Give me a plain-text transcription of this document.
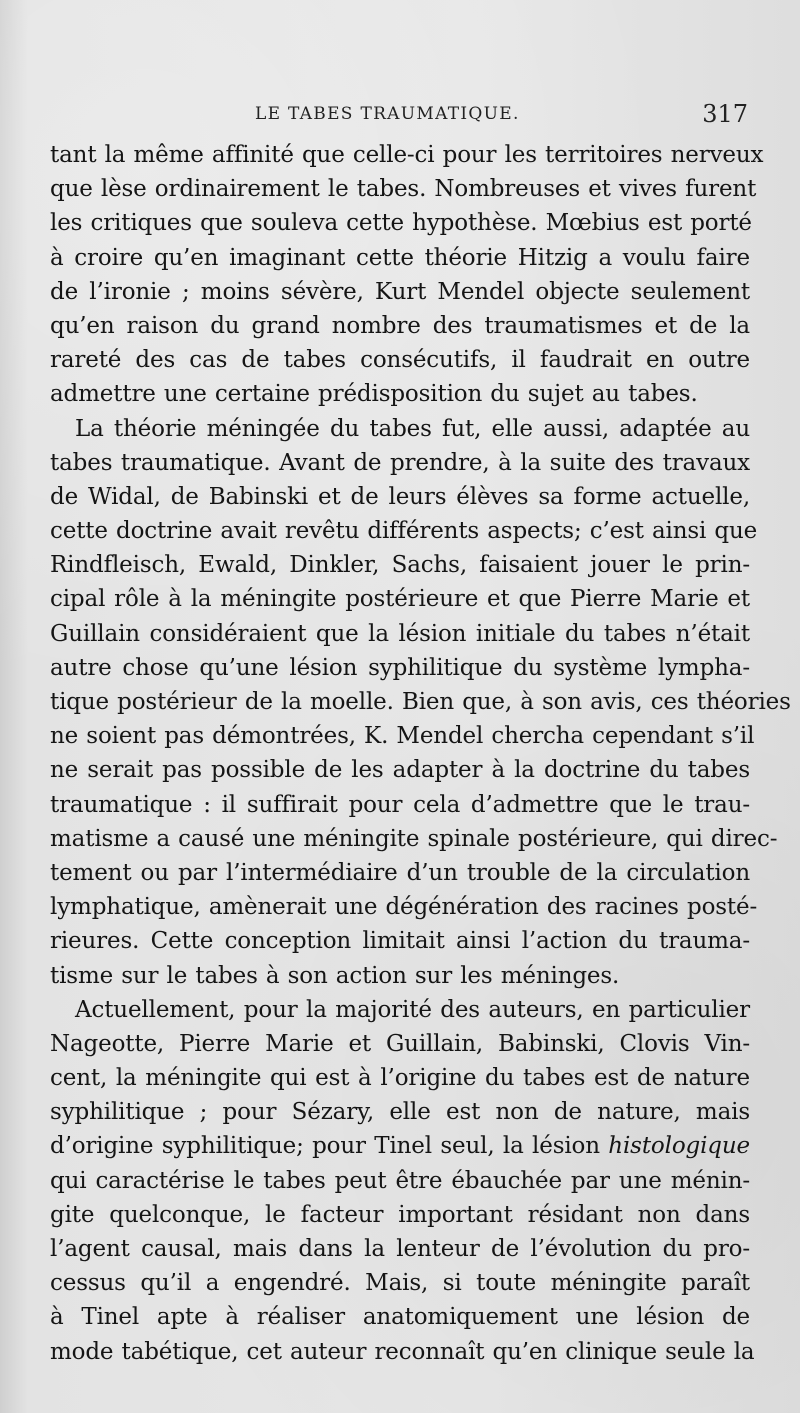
LE TABES TRAUMATIQUE.	317
tant la même affinité que celle-ci pour les territoires nerveux
que lèse ordinairement le tabes. Nombreuses et vives furent
les critiques que souleva cette hypothèse. Mœbius est porté
à croire qu’en imaginant cette théorie Hitzig a voulu faire
de l’ironie ; moins sévère, Kurt Mendel objecte seulement
qu’en raison du grand nombre des traumatismes et de la
rareté des cas de tabes consécutifs, il faudrait en outre
admettre une certaine prédisposition du sujet au tabes.
La théorie méningée du tabes fut, elle aussi, adaptée au
tabes traumatique. Avant de prendre, à la suite des travaux
de Widal, de Babinski et de leurs élèves sa forme actuelle,
cette doctrine avait revêtu différents aspects; c’est ainsi que
Rindfleisch, Ewald, Dinkler, Sachs, faisaient jouer le prin-
cipal rôle à la méningite postérieure et que Pierre Marie et
Guillain considéraient que la lésion initiale du tabes n’était
autre chose qu’une lésion syphilitique du système lympha-
tique postérieur de la moelle. Bien que, à son avis, ces théories
ne soient pas démontrées, K. Mendel chercha cependant s’il
ne serait pas possible de les adapter à la doctrine du tabes
traumatique : il suffirait pour cela d’admettre que le trau-
matisme a causé une méningite spinale postérieure, qui direc-
tement ou par l’intermédiaire d’un trouble de la circulation
lymphatique, amènerait une dégénération des racines posté-
rieures. Cette conception limitait ainsi l’action du trauma-
tisme sur le tabes à son action sur les méninges.
Actuellement, pour la majorité des auteurs, en particulier
Nageotte, Pierre Marie et Guillain, Babinski, Clovis Vin-
cent, la méningite qui est à l’origine du tabes est de nature
syphilitique ; pour Sézary, elle est non de nature, mais
d’origine syphilitique; pour Tinel seul, la lésion histologique
qui caractérise le tabes peut être ébauchée par une ménin-
gite quelconque, le facteur important résidant non dans
l’agent causal, mais dans la lenteur de l’évolution du pro-
cessus qu’il a engendré. Mais, si toute méningite paraît
à Tinel apte à réaliser anatomiquement une lésion de
mode tabétique, cet auteur reconnaît qu’en clinique seule la
